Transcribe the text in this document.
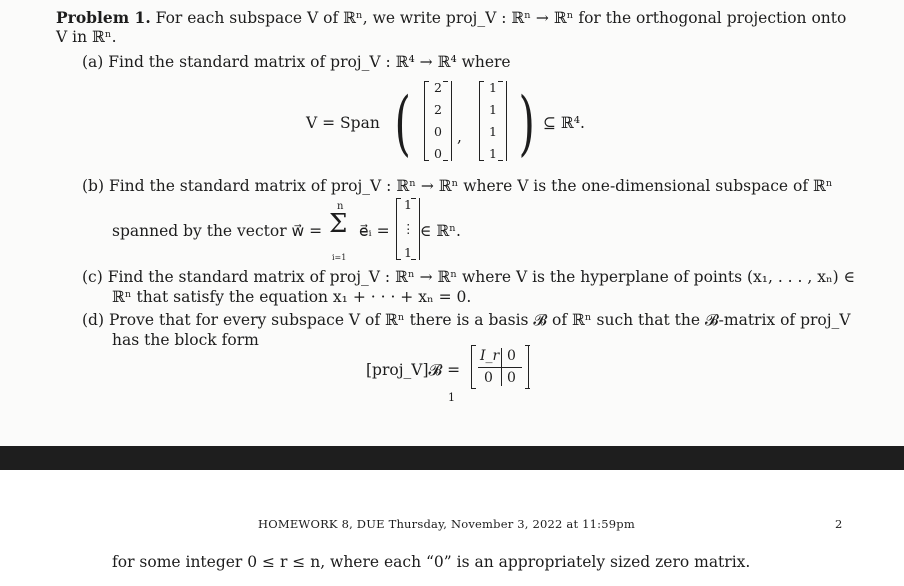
Problem 1. For each subspace V of ℝⁿ, we write proj_V : ℝⁿ → ℝⁿ for the orthogonal projection onto
V in ℝⁿ.
(a) Find the standard matrix of proj_V : ℝ⁴ → ℝ⁴ where
V = Span (	2
2
0
0
,
1
1
1
1 ) ⊆ ℝ⁴.
(b) Find the standard matrix of proj_V : ℝⁿ → ℝⁿ where V is the one-dimensional subspace of ℝⁿ
spanned by the vector w⃗ =
n
Σ
i=1
e⃗ᵢ =
1
⋮
1
∈ ℝⁿ.
(c) Find the standard matrix of proj_V : ℝⁿ → ℝⁿ where V is the hyperplane of points (x₁, . . . , xₙ) ∈
ℝⁿ that satisfy the equation x₁ + · · · + xₙ = 0.
(d) Prove that for every subspace V of ℝⁿ there is a basis 𝓑 of ℝⁿ such that the 𝓑-matrix of proj_V
has the block form
[proj_V]𝓑 =
I_r 0
0 0
1
HOMEWORK 8, DUE Thursday, November 3, 2022 at 11:59pm	2
for some integer 0 ≤ r ≤ n, where each “0” is an appropriately sized zero matrix.
